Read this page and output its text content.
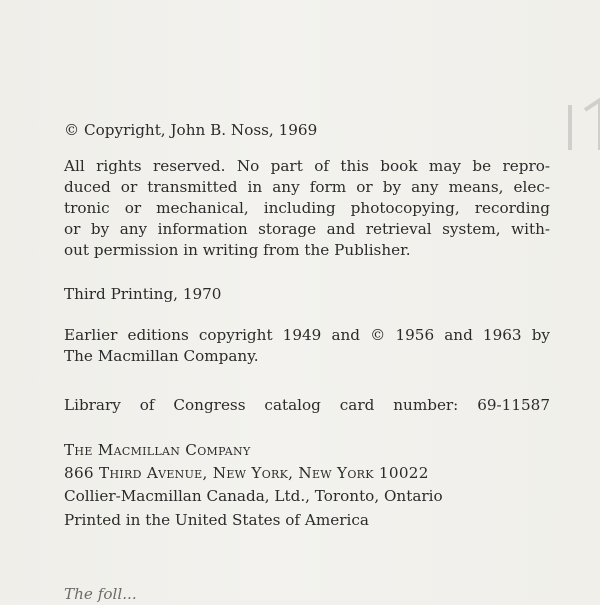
© Copyright, John B. Noss, 1969

All rights reserved. No part of this book may be repro-
duced or transmitted in any form or by any means, elec-
tronic or mechanical, including photocopying, recording
or by any information storage and retrieval system, with-
out permission in writing from the Publisher.

Third Printing, 1970

Earlier editions copyright 1949 and © 1956 and 1963 by
The Macmillan Company.

Library of Congress catalog card number: 69-11587

The Macmillan Company

866 Third Avenue, New York, New York 10022

Collier-Macmillan Canada, Ltd., Toronto, Ontario

Printed in the United States of America

The foll...
